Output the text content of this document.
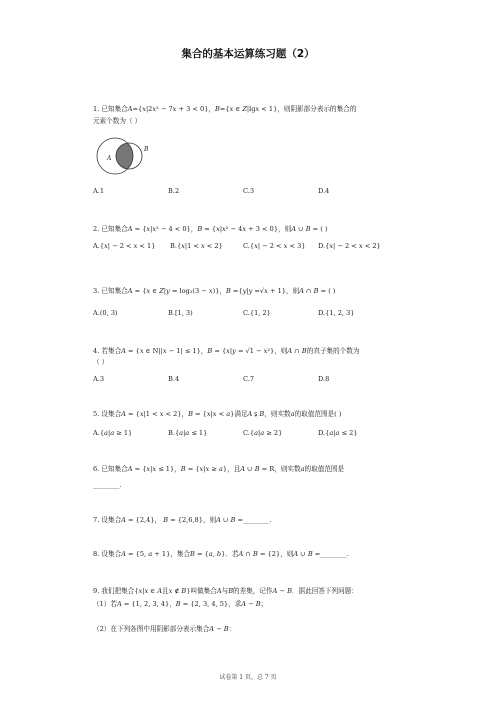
集合的基本运算练习题（2）
1. 已知集合𝐴={𝑥|2𝑥² − 7𝑥 + 3 < 0}，𝐵={𝑥 ∈ 𝑍|lg𝑥 < 1}，则阴影部分表示的集合的
元素个数为（ ）
A
B
A.1	B.2	C.3	D.4
2. 已知集合𝐴 = {𝑥|𝑥² − 4 < 0}，𝐵 = {𝑥|𝑥² − 4𝑥 + 3 < 0}，则𝐴 ∪ 𝐵 = ( )
A.{𝑥| − 2 < 𝑥 < 1} B.{𝑥|1 < 𝑥 < 2}	C.{𝑥| − 2 < 𝑥 < 3} D.{𝑥| − 2 < 𝑥 < 2}
3. 已知集合𝐴 = {𝑥 ∈ 𝑍|𝑦 = log₂(3 − 𝑥)}，𝐵 ={𝑦|𝑦 =√𝑥 + 1}，则𝐴 ∩ 𝐵 = ( )
A.(0, 3)	B.[1, 3)	C.{1, 2}	D.{1, 2, 3}
4. 若集合𝐴 = {𝑥 ∈ N||𝑥 − 1| ≤ 1}，𝐵 = {𝑥|𝑦 = √1 − 𝑥²}，则𝐴 ∩ 𝐵的真子集的个数为
（ ）
A.3	B.4	C.7	D.8
5. 设集合𝐴 = {𝑥|1 < 𝑥 < 2}，𝐵 = {𝑥|𝑥 < 𝑎}满足𝐴 ⫋ 𝐵，则实数𝑎的取值范围是( )
A.{𝑎|𝑎 ≥ 1}	B.{𝑎|𝑎 ≤ 1}	C.{𝑎|𝑎 ≥ 2}	D.{𝑎|𝑎 ≤ 2}
6. 已知集合𝐴 = {𝑥|𝑥 ≤ 1}，𝐵 = {𝑥|𝑥 ≥ 𝑎}，且𝐴 ∪ 𝐵 = R，则实数𝑎的取值范围是
________.
7. 设集合𝐴 = {2,4}， 𝐵 = {2,6,8}，则𝐴 ∪ 𝐵 =________.
8. 设集合𝐴 = {5, 𝑎 + 1}，集合𝐵 = {𝑎, 𝑏}．若𝐴 ∩ 𝐵 = {2}，则𝐴 ∪ 𝐵 =________.
9. 我们把集合{𝑥|𝑥 ∈ 𝐴且𝑥 ∉ 𝐵}叫做集合𝐴与𝐵的差集，记作𝐴 − 𝐵．据此回答下列问题：
（1）若𝐴 = {1, 2, 3, 4}，𝐵 = {2, 3, 4, 5}，求𝐴 − 𝐵；
（2）在下列各图中用阴影部分表示集合𝐴 − 𝐵：
试卷第 1 页，总 7 页
